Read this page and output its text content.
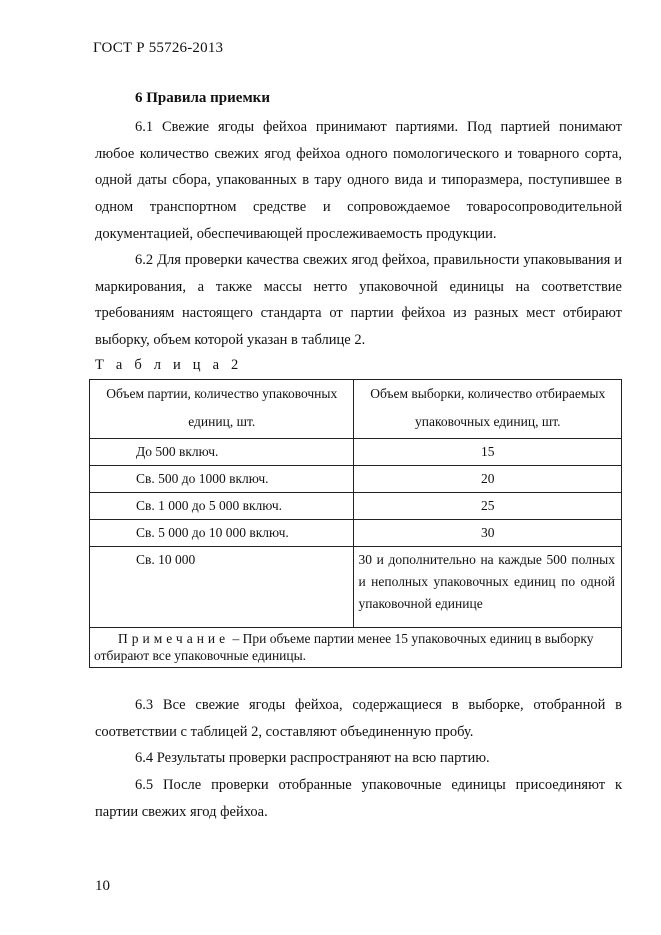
ГОСТ Р 55726-2013
6 Правила приемки

6.1 Свежие ягоды фейхоа принимают партиями. Под партией понимают любое количество свежих ягод фейхоа одного помологического и товарного сорта, одной даты сбора, упакованных в тару одного вида и типоразмера, поступившее в одном транспортном средстве и сопровождаемое товаросопроводительной документацией, обеспечивающей прослеживаемость продукции.

6.2 Для проверки качества свежих ягод фейхоа, правильности упаковывания и маркирования, а также массы нетто упаковочной единицы на соответствие требованиям настоящего стандарта от партии фейхоа из разных мест отбирают выборку, объем которой указан в таблице 2.

Т а б л и ц а 2
Объем партии, количество упаковочных единиц, шт.	Объем выборки, количество отбираемых упаковочных единиц, шт.
До 500 включ.	15
Св. 500 до 1000 включ.	20
Св. 1 000 до 5 000 включ.	25
Св. 5 000 до 10 000 включ.	30
Св. 10 000	30 и дополнительно на каждые 500 полных и неполных упаковочных единиц по одной упаковочной единице
Примечание – При объеме партии менее 15 упаковочных единиц в выборку отбирают все упаковочные единицы.	

6.3 Все свежие ягоды фейхоа, содержащиеся в выборке, отобранной в соответствии с таблицей 2, составляют объединенную пробу.

6.4 Результаты проверки распространяют на всю партию.

6.5 После проверки отобранные упаковочные единицы присоединяют к партии свежих ягод фейхоа.

10
